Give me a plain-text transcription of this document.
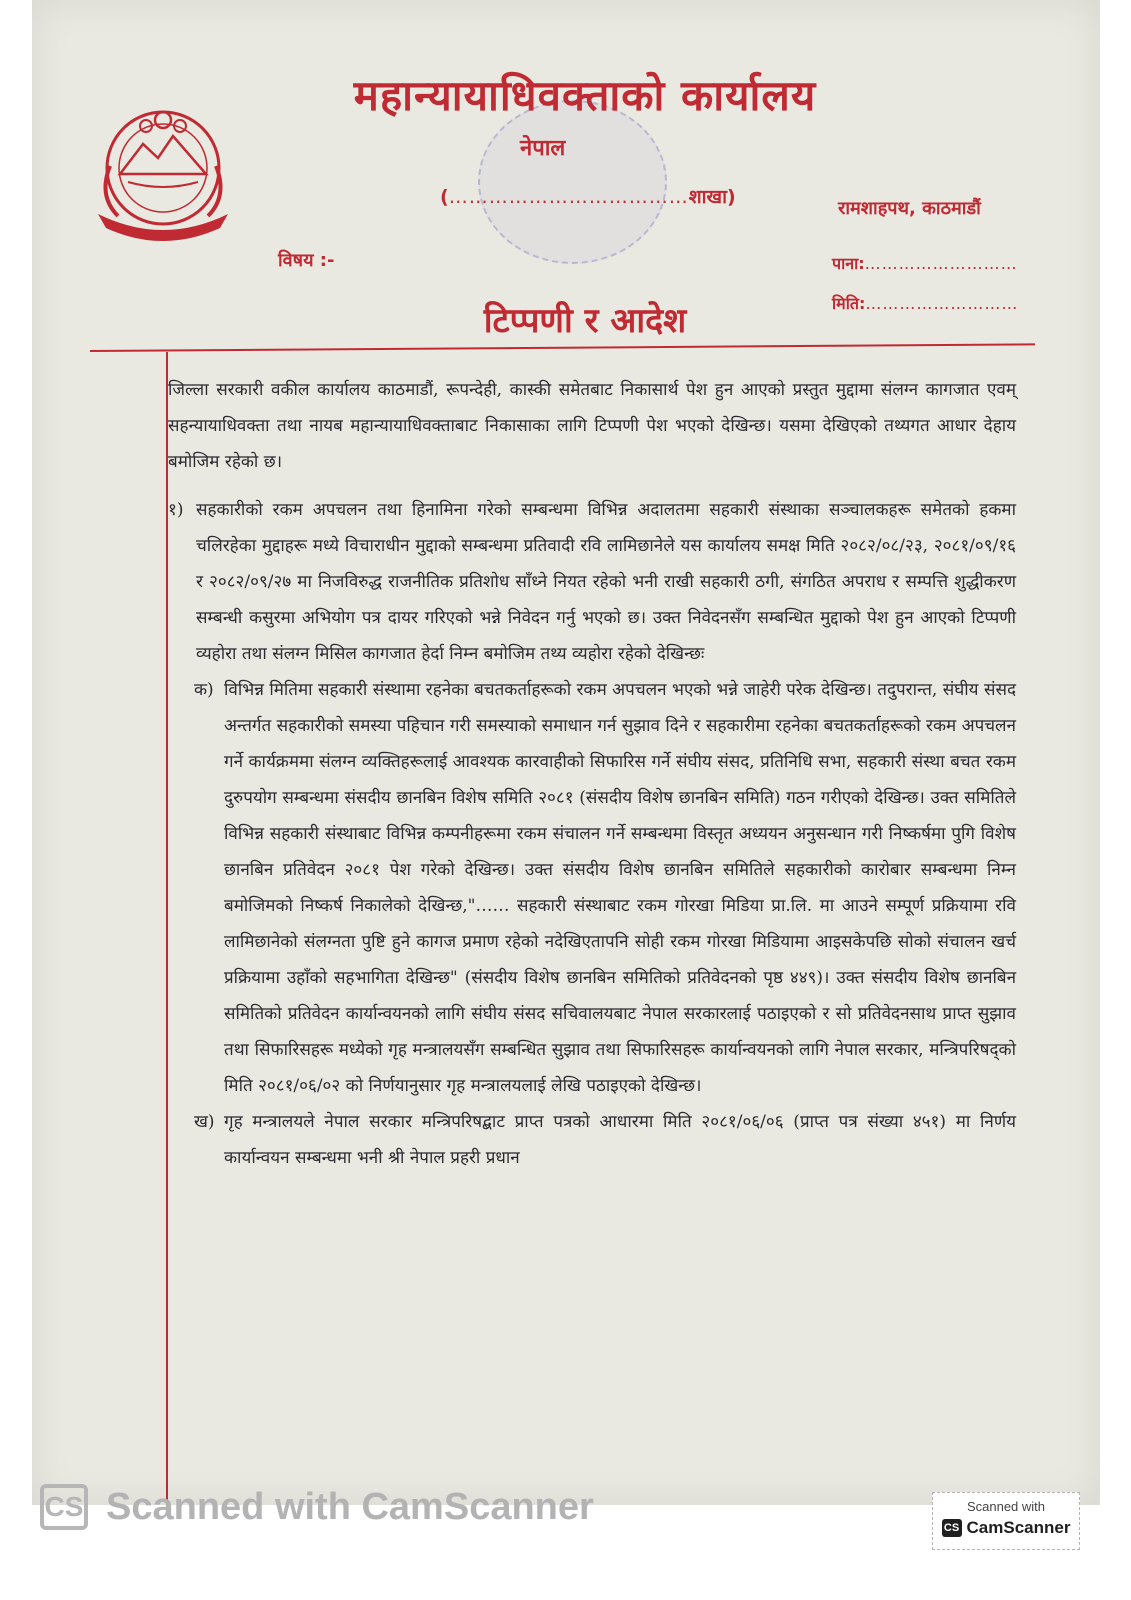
महान्यायाधिवक्ताको कार्यालय
नेपाल
(………………………………शाखा)
रामशाहपथ, काठमाडौं
विषय :-	पाना:………………………
मिति:………………………
टिप्पणी र आदेश

जिल्ला सरकारी वकील कार्यालय काठमाडौं, रूपन्देही, कास्की समेतबाट निकासार्थ पेश हुन आएको प्रस्तुत मुद्दामा संलग्न कागजात एवम् सहन्यायाधिवक्ता तथा नायब महान्यायाधिवक्ताबाट निकासाका लागि टिप्पणी पेश भएको देखिन्छ। यसमा देखिएको तथ्यगत आधार देहाय बमोजिम रहेको छ।

१) सहकारीको रकम अपचलन तथा हिनामिना गरेको सम्बन्धमा विभिन्न अदालतमा सहकारी संस्थाका सञ्चालकहरू समेतको हकमा चलिरहेका मुद्दाहरू मध्ये विचाराधीन मुद्दाको सम्बन्धमा प्रतिवादी रवि लामिछानेले यस कार्यालय समक्ष मिति २०८२/०८/२३, २०८१/०९/१६ र २०८२/०९/२७ मा निजविरुद्ध राजनीतिक प्रतिशोध साँध्ने नियत रहेको भनी राखी सहकारी ठगी, संगठित अपराध र सम्पत्ति शुद्धीकरण सम्बन्धी कसुरमा अभियोग पत्र दायर गरिएको भन्ने निवेदन गर्नु भएको छ। उक्त निवेदनसँग सम्बन्धित मुद्दाको पेश हुन आएको टिप्पणी व्यहोरा तथा संलग्न मिसिल कागजात हेर्दा निम्न बमोजिम तथ्य व्यहोरा रहेको देखिन्छः

क) विभिन्न मितिमा सहकारी संस्थामा रहनेका बचतकर्ताहरूको रकम अपचलन भएको भन्ने जाहेरी परेक देखिन्छ। तदुपरान्त, संघीय संसद अन्तर्गत सहकारीको समस्या पहिचान गरी समस्याको समाधान गर्न सुझाव दिने र सहकारीमा रहनेका बचतकर्ताहरूको रकम अपचलन गर्ने कार्यक्रममा संलग्न व्यक्तिहरूलाई आवश्यक कारवाहीको सिफारिस गर्ने संघीय संसद, प्रतिनिधि सभा, सहकारी संस्था बचत रकम दुरुपयोग सम्बन्धमा संसदीय छानबिन विशेष समिति २०८१ (संसदीय विशेष छानबिन समिति) गठन गरीएको देखिन्छ। उक्त समितिले विभिन्न सहकारी संस्थाबाट विभिन्न कम्पनीहरूमा रकम संचालन गर्ने सम्बन्धमा विस्तृत अध्ययन अनुसन्धान गरी निष्कर्षमा पुगि विशेष छानबिन प्रतिवेदन २०८१ पेश गरेको देखिन्छ। उक्त संसदीय विशेष छानबिन समितिले सहकारीको कारोबार सम्बन्धमा निम्न बमोजिमको निष्कर्ष निकालेको देखिन्छ,"…… सहकारी संस्थाबाट रकम गोरखा मिडिया प्रा.लि. मा आउने सम्पूर्ण प्रक्रियामा रवि लामिछानेको संलग्नता पुष्टि हुने कागज प्रमाण रहेको नदेखिएतापनि सोही रकम गोरखा मिडियामा आइसकेपछि सोको संचालन खर्च प्रक्रियामा उहाँको सहभागिता देखिन्छ" (संसदीय विशेष छानबिन समितिको प्रतिवेदनको पृष्ठ ४४९)। उक्त संसदीय विशेष छानबिन समितिको प्रतिवेदन कार्यान्वयनको लागि संघीय संसद सचिवालयबाट नेपाल सरकारलाई पठाइएको र सो प्रतिवेदनसाथ प्राप्त सुझाव तथा सिफारिसहरू मध्येको गृह मन्त्रालयसँग सम्बन्धित सुझाव तथा सिफारिसहरू कार्यान्वयनको लागि नेपाल सरकार, मन्त्रिपरिषद्को मिति २०८१/०६/०२ को निर्णयानुसार गृह मन्त्रालयलाई लेखि पठाइएको देखिन्छ।

ख) गृह मन्त्रालयले नेपाल सरकार मन्त्रिपरिषद्बाट प्राप्त पत्रको आधारमा मिति २०८१/०६/०६ (प्राप्त पत्र संख्या ४५१) मा निर्णय कार्यान्वयन सम्बन्धमा भनी श्री नेपाल प्रहरी प्रधान

CS Scanned with CamScanner	Scanned with
CS CamScanner
